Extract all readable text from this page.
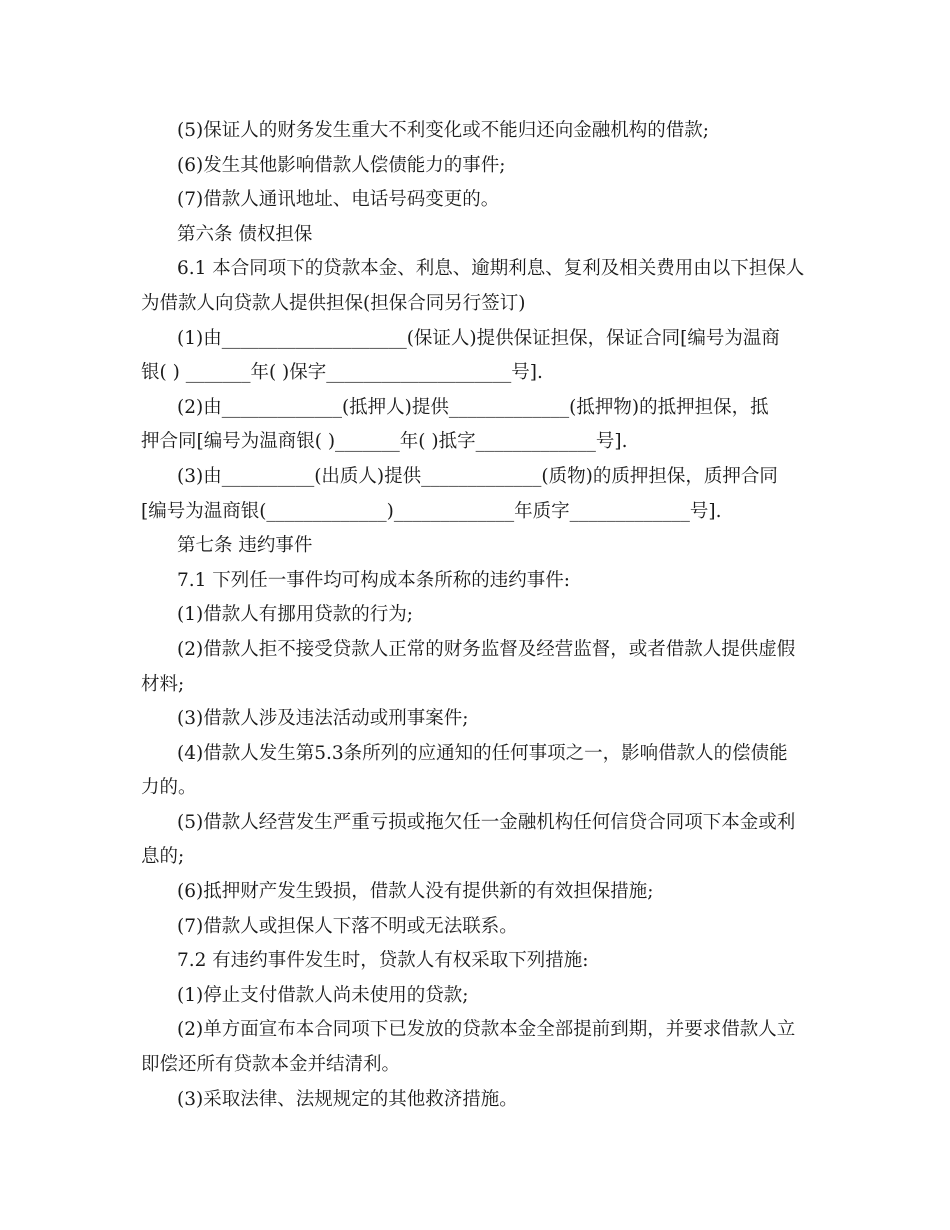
(5)保证人的财务发生重大不利变化或不能归还向金融机构的借款;
(6)发生其他影响借款人偿债能力的事件;
(7)借款人通讯地址、电话号码变更的。
第六条 债权担保
6.1 本合同项下的贷款本金、利息、逾期利息、复利及相关费用由以下担保人
为借款人向贷款人提供担保(担保合同另行签订)
(1)由____________________(保证人)提供保证担保，保证合同[编号为温商
银( ) _______年( )保字____________________号].
(2)由_____________(抵押人)提供_____________(抵押物)的抵押担保，抵
押合同[编号为温商银( )_______年( )抵字_____________号].
(3)由__________(出质人)提供_____________(质物)的质押担保，质押合同
[编号为温商银(_____________)_____________年质字_____________号].
第七条 违约事件
7.1 下列任一事件均可构成本条所称的违约事件:
(1)借款人有挪用贷款的行为;
(2)借款人拒不接受贷款人正常的财务监督及经营监督，或者借款人提供虚假
材料;
(3)借款人涉及违法活动或刑事案件;
(4)借款人发生第5.3条所列的应通知的任何事项之一，影响借款人的偿债能
力的。
(5)借款人经营发生严重亏损或拖欠任一金融机构任何信贷合同项下本金或利
息的;
(6)抵押财产发生毁损，借款人没有提供新的有效担保措施;
(7)借款人或担保人下落不明或无法联系。
7.2 有违约事件发生时，贷款人有权采取下列措施:
(1)停止支付借款人尚未使用的贷款;
(2)单方面宣布本合同项下已发放的贷款本金全部提前到期，并要求借款人立
即偿还所有贷款本金并结清利。
(3)采取法律、法规规定的其他救济措施。
